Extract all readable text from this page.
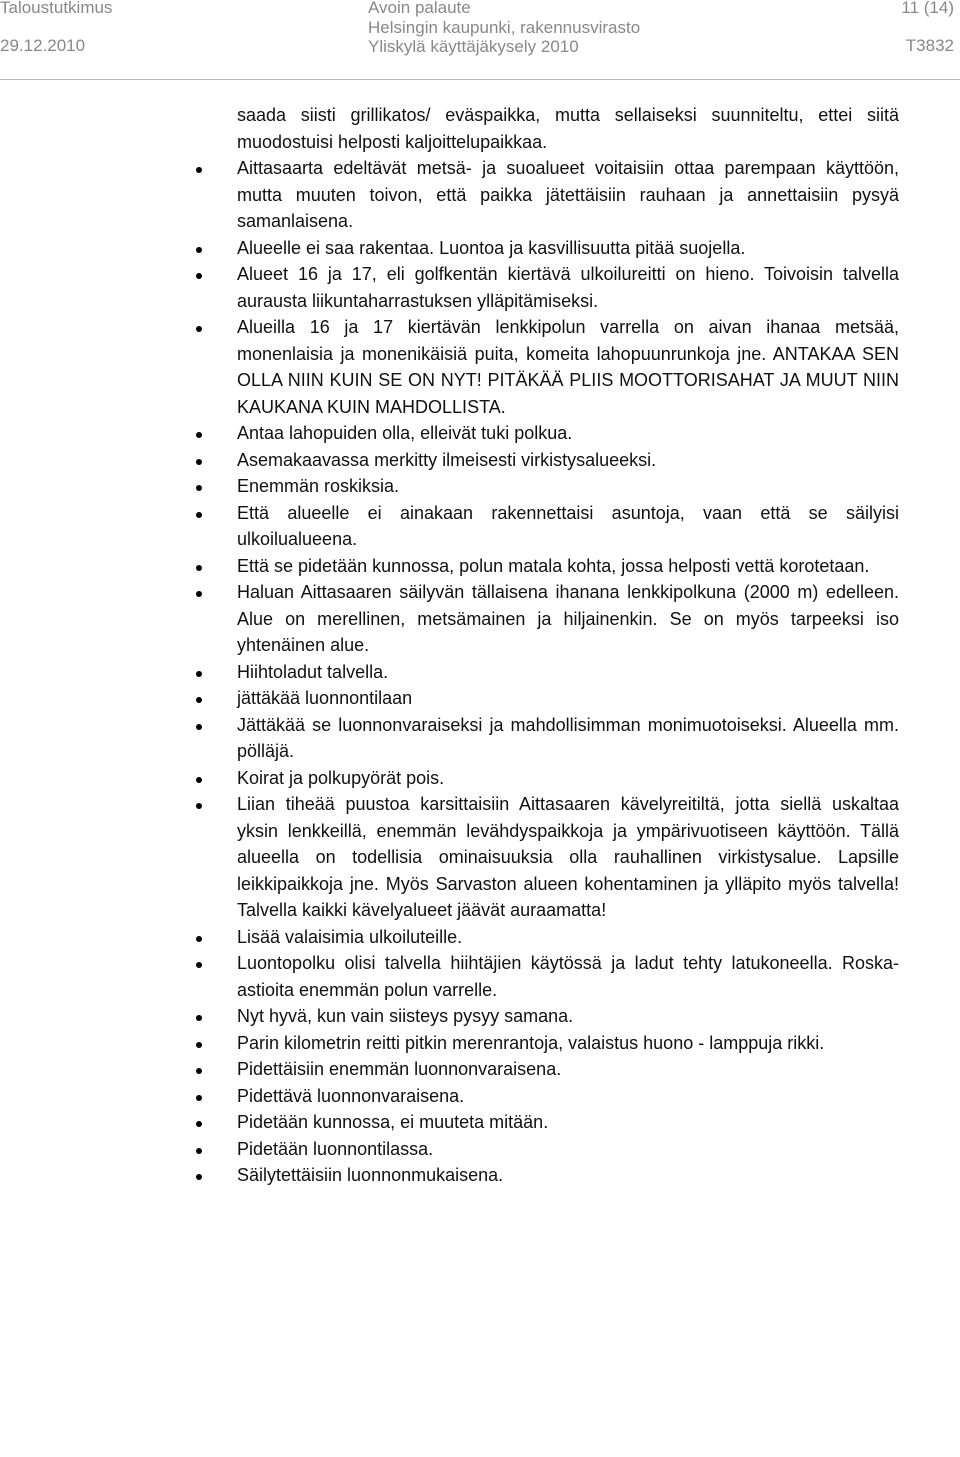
Taloustutkimus
29.12.2010
Avoin palaute
Helsingin kaupunki, rakennusvirasto
Yliskylä käyttäjäkysely 2010
11 (14)
T3832

saada siisti grillikatos/ eväspaikka, mutta sellaiseksi suunniteltu, ettei siitä muodostuisi helposti kaljoittelupaikkaa.

Aittasaarta edeltävät metsä- ja suoalueet voitaisiin ottaa parempaan käyttöön, mutta muuten toivon, että paikka jätettäisiin rauhaan ja annettaisiin pysyä samanlaisena.
Alueelle ei saa rakentaa. Luontoa ja kasvillisuutta pitää suojella.
Alueet 16 ja 17, eli golfkentän kiertävä ulkoilureitti on hieno. Toivoisin talvella aurausta liikuntaharrastuksen ylläpitämiseksi.
Alueilla 16 ja 17 kiertävän lenkkipolun varrella on aivan ihanaa metsää, monenlaisia ja monenikäisiä puita, komeita lahopuunrunkoja jne. ANTAKAA SEN OLLA NIIN KUIN SE ON NYT! PITÄKÄÄ PLIIS MOOTTORISAHAT JA MUUT NIIN KAUKANA KUIN MAHDOLLISTA.
Antaa lahopuiden olla, elleivät tuki polkua.
Asemakaavassa merkitty ilmeisesti virkistysalueeksi.
Enemmän roskiksia.
Että alueelle ei ainakaan rakennettaisi asuntoja, vaan että se säilyisi ulkoilualueena.
Että se pidetään kunnossa, polun matala kohta, jossa helposti vettä korotetaan.
Haluan Aittasaaren säilyvän tällaisena ihanana lenkkipolkuna (2000 m) edelleen. Alue on merellinen, metsämainen ja hiljainenkin. Se on myös tarpeeksi iso yhtenäinen alue.
Hiihtoladut talvella.
jättäkää luonnontilaan
Jättäkää se luonnonvaraiseksi ja mahdollisimman monimuotoiseksi. Alueella mm. pölläjä.
Koirat ja polkupyörät pois.
Liian tiheää puustoa karsittaisiin Aittasaaren kävelyreitiltä, jotta siellä uskaltaa yksin lenkkeillä, enemmän levähdyspaikkoja ja ympärivuotiseen käyttöön. Tällä alueella on todellisia ominaisuuksia olla rauhallinen virkistysalue. Lapsille leikkipaikkoja jne. Myös Sarvaston alueen kohentaminen ja ylläpito myös talvella! Talvella kaikki kävelyalueet jäävät auraamatta!
Lisää valaisimia ulkoiluteille.
Luontopolku olisi talvella hiihtäjien käytössä ja ladut tehty latukoneella. Roska-astioita enemmän polun varrelle.
Nyt hyvä, kun vain siisteys pysyy samana.
Parin kilometrin reitti pitkin merenrantoja, valaistus huono - lamppuja rikki.
Pidettäisiin enemmän luonnonvaraisena.
Pidettävä luonnonvaraisena.
Pidetään kunnossa, ei muuteta mitään.
Pidetään luonnontilassa.
Säilytettäisiin luonnonmukaisena.
